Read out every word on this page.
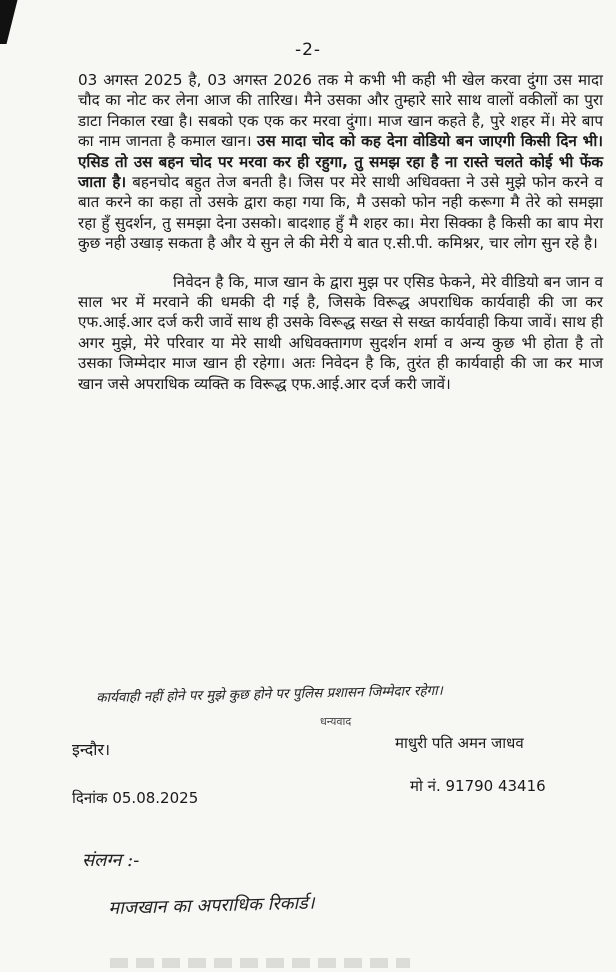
-2-

03 अगस्त 2025 है, 03 अगस्त 2026 तक मे कभी भी कही भी खेल करवा दुंगा उस मादा चौद का नोट कर लेना आज की तारिख। मैने उसका और तुम्हारे सारे साथ वालों वकीलों का पुरा डाटा निकाल रखा है। सबको एक एक कर मरवा दुंगा। माज खान कहते है, पुरे शहर में। मेरे बाप का नाम जानता है कमाल खान। उस मादा चोद को कह देना वोडियो बन जाएगी किसी दिन भी। एसिड तो उस बहन चोद पर मरवा कर ही रहुगा, तु समझ रहा है ना रास्ते चलते कोई भी फेंक जाता है। बहनचोद बहुत तेज बनती है। जिस पर मेरे साथी अधिवक्ता ने उसे मुझे फोन करने व बात करने का कहा तो उसके द्वारा कहा गया कि, मै उसको फोन नही करूगा मै तेरे को समझा रहा हुँ सुदर्शन, तु समझा देना उसको। बादशाह हुँ मै शहर का। मेरा सिक्का है किसी का बाप मेरा कुछ नही उखाड़ सकता है और ये सुन ले की मेरी ये बात ए.सी.पी. कमिश्नर, चार लोग सुन रहे है।

निवेदन है कि, माज खान के द्वारा मुझ पर एसिड फेकने, मेरे वीडियो बन जान व साल भर में मरवाने की धमकी दी गई है, जिसके विरूद्ध अपराधिक कार्यवाही की जा कर एफ.आई.आर दर्ज करी जावें साथ ही उसके विरूद्ध सख्त से सख्त कार्यवाही किया जावें। साथ ही अगर मुझे, मेरे परिवार या मेरे साथी अधिवक्तागण सुदर्शन शर्मा व अन्य कुछ भी होता है तो उसका जिम्मेदार माज खान ही रहेगा। अतः निवेदन है कि, तुरंत ही कार्यवाही की जा कर माज खान जसे अपराधिक व्यक्ति क विरूद्ध एफ.आई.आर दर्ज करी जावें।

कार्यवाही नहीं होने पर मुझे कुछ होने पर पुलिस प्रशासन जिम्मेदार रहेगा।
धन्यवाद
इन्दौर।
दिनांक 05.08.2025
माधुरी पति अमन जाधव
मो नं. 91790 43416
संलग्न :-
माजखान का अपराधिक रिकार्ड।
